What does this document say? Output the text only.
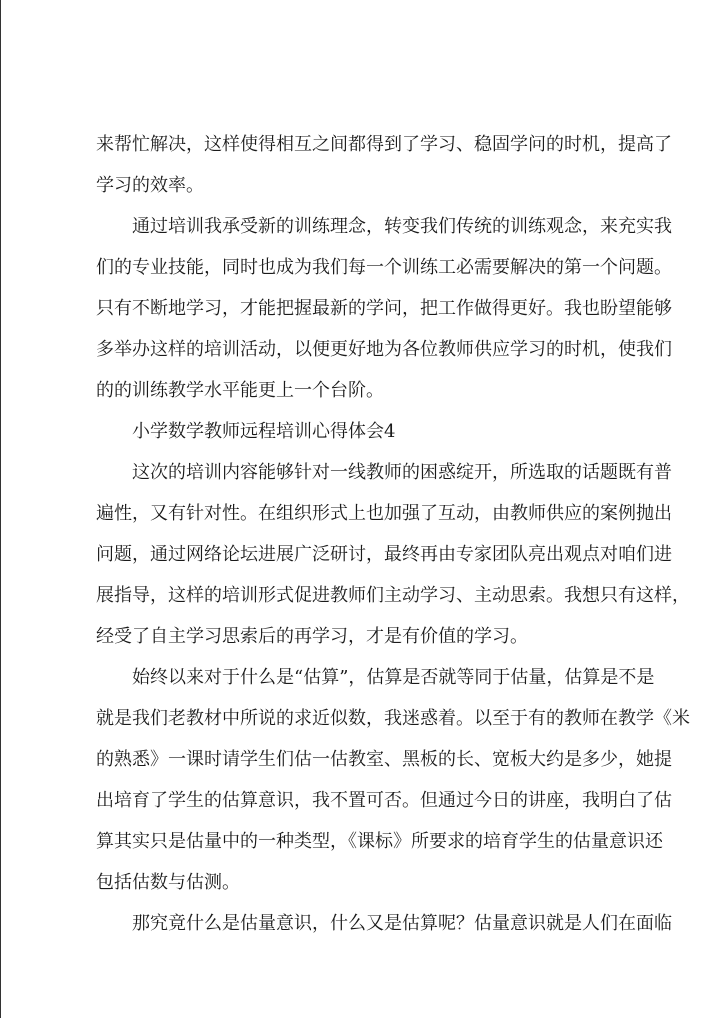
来帮忙解决，这样使得相互之间都得到了学习、稳固学问的时机，提高了
学习的效率。
通过培训我承受新的训练理念，转变我们传统的训练观念，来充实我
们的专业技能，同时也成为我们每一个训练工必需要解决的第一个问题。
只有不断地学习，才能把握最新的学问，把工作做得更好。我也盼望能够
多举办这样的培训活动，以便更好地为各位教师供应学习的时机，使我们
的的训练教学水平能更上一个台阶。
小学数学教师远程培训心得体会4
这次的培训内容能够针对一线教师的困惑绽开，所选取的话题既有普
遍性，又有针对性。在组织形式上也加强了互动，由教师供应的案例抛出
问题，通过网络论坛进展广泛研讨，最终再由专家团队亮出观点对咱们进
展指导，这样的培训形式促进教师们主动学习、主动思索。我想只有这样，
经受了自主学习思索后的再学习，才是有价值的学习。
始终以来对于什么是“估算”，估算是否就等同于估量，估算是不是
就是我们老教材中所说的求近似数，我迷惑着。以至于有的教师在教学《米
的熟悉》一课时请学生们估一估教室、黑板的长、宽板大约是多少，她提
出培育了学生的估算意识，我不置可否。但通过今日的讲座，我明白了估
算其实只是估量中的一种类型，《课标》所要求的培育学生的估量意识还
包括估数与估测。
那究竟什么是估量意识，什么又是估算呢？估量意识就是人们在面临
